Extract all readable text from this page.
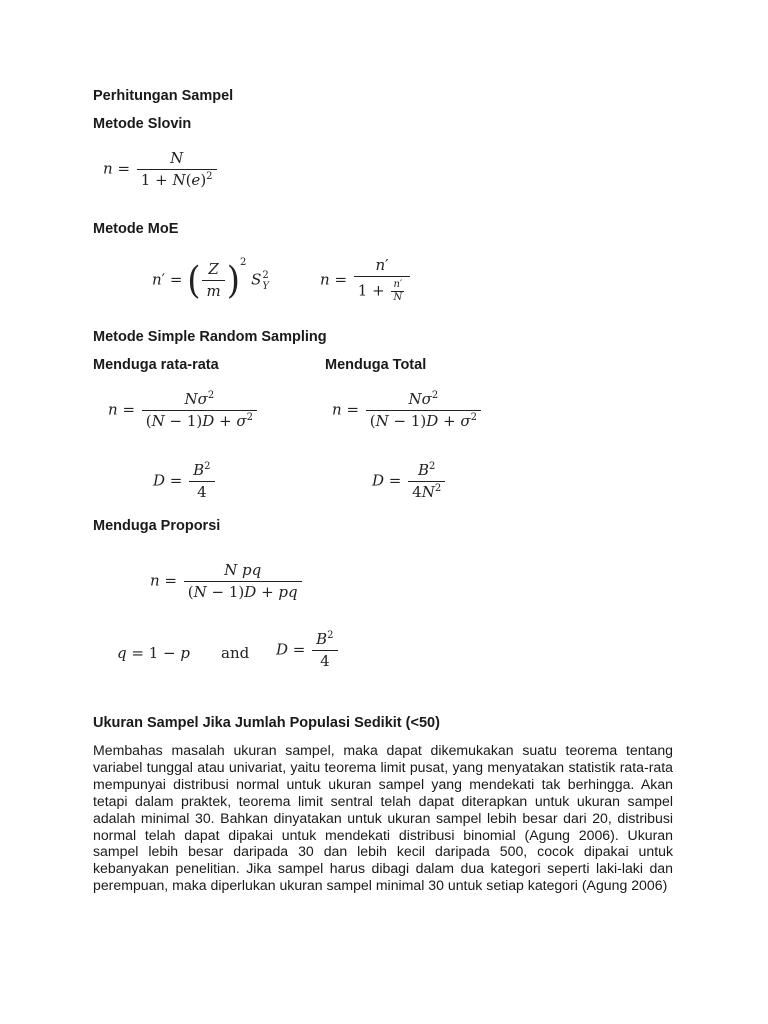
Perhitungan Sampel
Metode Slovin
$n = \frac{N}{1 + N(e)^2}$
Metode MoE
n′ = ( $\frac{Z}{m} )^2$ S 2
Y	$n = \frac{n'}{1 + \frac{n'}{N}}$
Metode Simple Random Sampling
Menduga rata-rata	Menduga Total
$n = \frac{N\sigma^2}{(N - 1)D + \sigma^2}$	$n = \frac{N\sigma^2}{(N - 1)D + \sigma^2}$
$D = \frac{B^2}{4}$	$D = \frac{B^2}{4N^2}$
Menduga Proporsi
$n = \frac{\text{N pq}}{(N - 1)D + pq}$
q = 1 − p and $D = \frac{B^2}{4}$
Ukuran Sampel Jika Jumlah Populasi Sedikit (<50)

Membahas masalah ukuran sampel, maka dapat dikemukakan suatu teorema tentang variabel tunggal atau univariat, yaitu teorema limit pusat, yang menyatakan statistik rata-rata mempunyai distribusi normal untuk ukuran sampel yang mendekati tak berhingga. Akan tetapi dalam praktek, teorema limit sentral telah dapat diterapkan untuk ukuran sampel adalah minimal 30. Bahkan dinyatakan untuk ukuran sampel lebih besar dari 20, distribusi normal telah dapat dipakai untuk mendekati distribusi binomial (Agung 2006). Ukuran sampel lebih besar daripada 30 dan lebih kecil daripada 500, cocok dipakai untuk kebanyakan penelitian. Jika sampel harus dibagi dalam dua kategori seperti laki-laki dan perempuan, maka diperlukan ukuran sampel minimal 30 untuk setiap kategori (Agung 2006)
